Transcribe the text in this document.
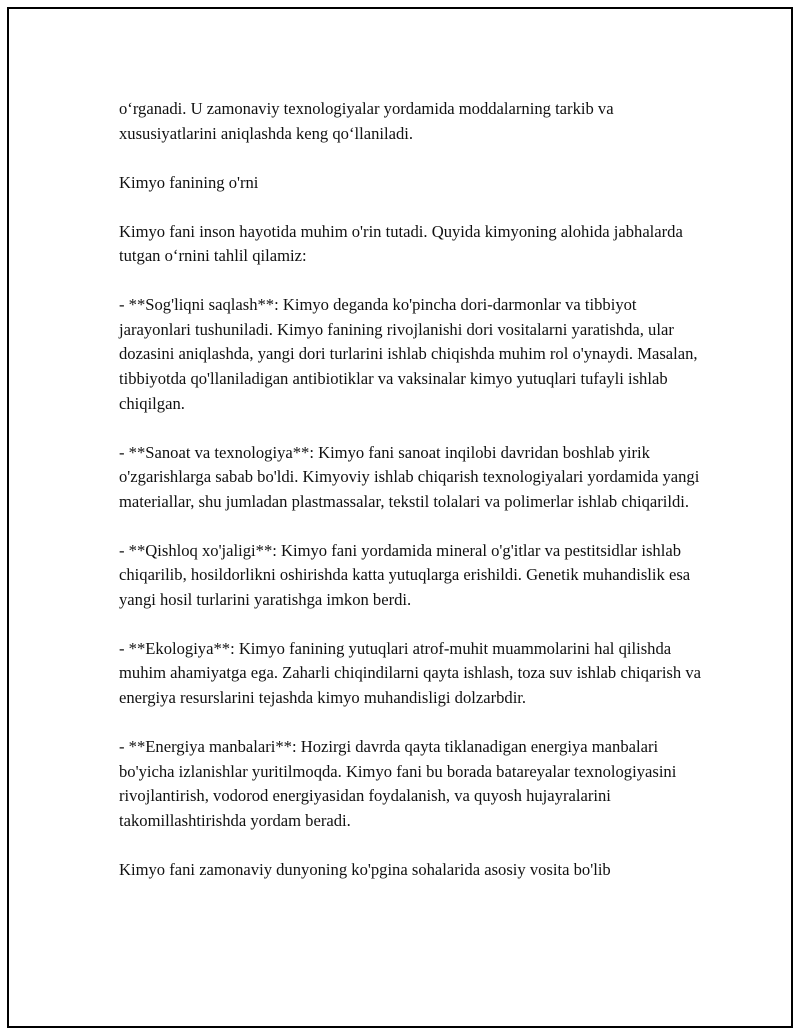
o‘rganadi. U zamonaviy texnologiyalar yordamida moddalarning tarkib va xususiyatlarini aniqlashda keng qo‘llaniladi.

Kimyo fanining o'rni

Kimyo fani inson hayotida muhim o'rin tutadi. Quyida kimyoning alohida jabhalarda tutgan o‘rnini tahlil qilamiz:

- **Sog'liqni saqlash**: Kimyo deganda ko'pincha dori-darmonlar va tibbiyot jarayonlari tushuniladi. Kimyo fanining rivojlanishi dori vositalarni yaratishda, ular dozasini aniqlashda, yangi dori turlarini ishlab chiqishda muhim rol o'ynaydi. Masalan, tibbiyotda qo'llaniladigan antibiotiklar va vaksinalar kimyo yutuqlari tufayli ishlab chiqilgan.

- **Sanoat va texnologiya**: Kimyo fani sanoat inqilobi davridan boshlab yirik o'zgarishlarga sabab bo'ldi. Kimyoviy ishlab chiqarish texnologiyalari yordamida yangi materiallar, shu jumladan plastmassalar, tekstil tolalari va polimerlar ishlab chiqarildi.

- **Qishloq xo'jaligi**: Kimyo fani yordamida mineral o'g'itlar va pestitsidlar ishlab chiqarilib, hosildorlikni oshirishda katta yutuqlarga erishildi. Genetik muhandislik esa yangi hosil turlarini yaratishga imkon berdi.

- **Ekologiya**: Kimyo fanining yutuqlari atrof-muhit muammolarini hal qilishda muhim ahamiyatga ega. Zaharli chiqindilarni qayta ishlash, toza suv ishlab chiqarish va energiya resurslarini tejashda kimyo muhandisligi dolzarbdir.

- **Energiya manbalari**: Hozirgi davrda qayta tiklanadigan energiya manbalari bo'yicha izlanishlar yuritilmoqda. Kimyo fani bu borada batareyalar texnologiyasini rivojlantirish, vodorod energiyasidan foydalanish, va quyosh hujayralarini takomillashtirishda yordam beradi.

Kimyo fani zamonaviy dunyoning ko'pgina sohalarida asosiy vosita bo'lib
